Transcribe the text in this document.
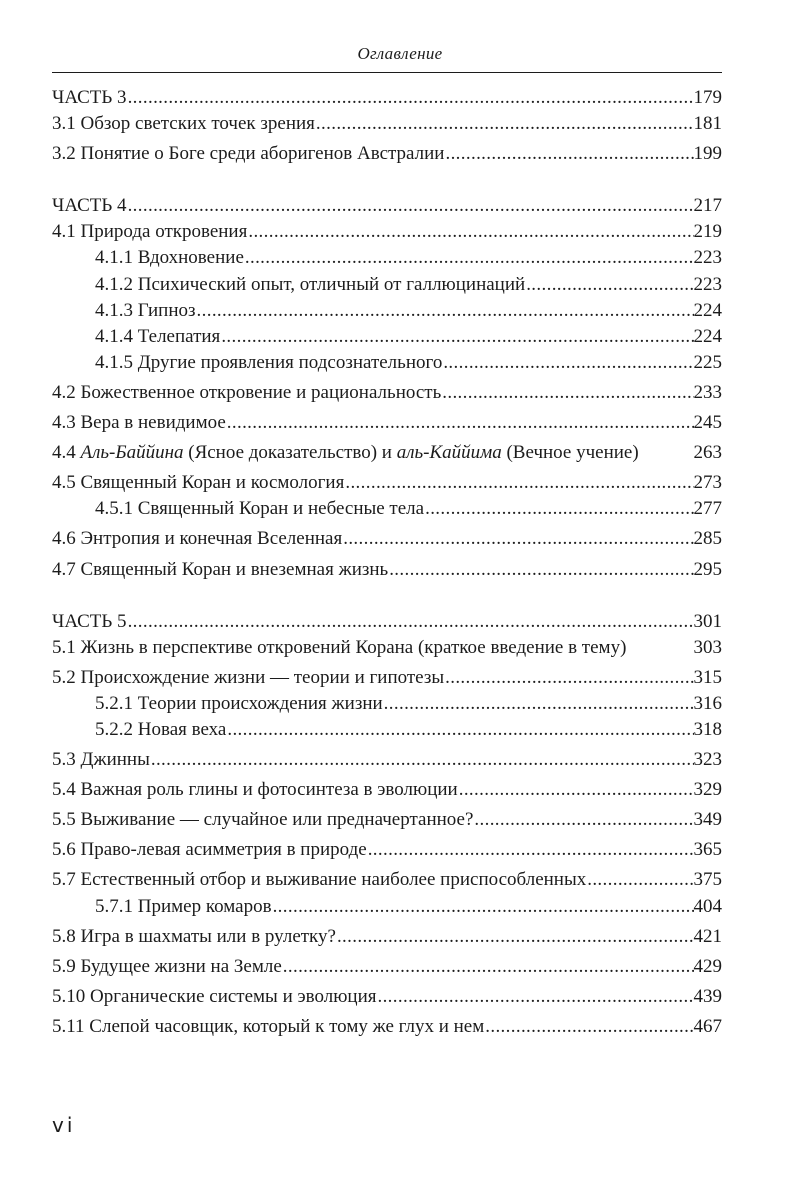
Оглавление
ЧАСТЬ 3 . . .	179
3.1 Обзор светских точек зрения . . .	181
3.2 Понятие о Боге среди аборигенов Австралии . . .	199
ЧАСТЬ 4 . . .	217
4.1 Природа откровения . . .	219
4.1.1 Вдохновение . . .	223
4.1.2 Психический опыт, отличный от галлюцинаций . . .	223
4.1.3 Гипноз . . .	224
4.1.4 Телепатия . . .	224
4.1.5 Другие проявления подсознательного . . .	225
4.2 Божественное откровение и рациональность . . .	233
4.3 Вера в невидимое . . .	245
4.4 Аль-Баййина (Ясное доказательство) и аль-Каййима (Вечное учение)	263
4.5 Священный Коран и космология . . .	273
4.5.1 Священный Коран и небесные тела . . .	277
4.6 Энтропия и конечная Вселенная . . .	285
4.7 Священный Коран и внеземная жизнь . . .	295
ЧАСТЬ 5 . . .	301
5.1 Жизнь в перспективе откровений Корана (краткое введение в тему)	303
5.2 Происхождение жизни — теории и гипотезы . . .	315
5.2.1 Теории происхождения жизни . . .	316
5.2.2 Новая веха . . .	318
5.3 Джинны . . .	323
5.4 Важная роль глины и фотосинтеза в эволюции . . .	329
5.5 Выживание — случайное или предначертанное? . . .	349
5.6 Право-левая асимметрия в природе . . .	365
5.7 Естественный отбор и выживание наиболее приспособленных . . .	375
5.7.1 Пример комаров . . .	404
5.8 Игра в шахматы или в рулетку? . . .	421
5.9 Будущее жизни на Земле . . .	429
5.10 Органические системы и эволюция . . .	439
5.11 Слепой часовщик, который к тому же глух и нем . . .	467
vi
